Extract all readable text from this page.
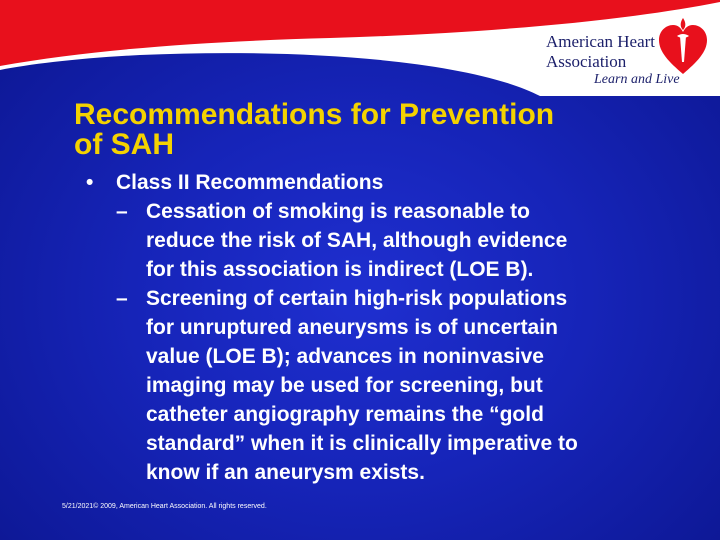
American Heart
Association
Learn and Live
Recommendations for Prevention
of SAH
• Class II Recommendations
– Cessation of smoking is reasonable to
reduce the risk of SAH, although evidence
for this association is indirect (LOE B).
– Screening of certain high-risk populations
for unruptured aneurysms is of uncertain
value (LOE B); advances in noninvasive
imaging may be used for screening, but
catheter angiography remains the “gold
standard” when it is clinically imperative to
know if an aneurysm exists.
5/21/2021© 2009, American Heart Association. All rights reserved.
